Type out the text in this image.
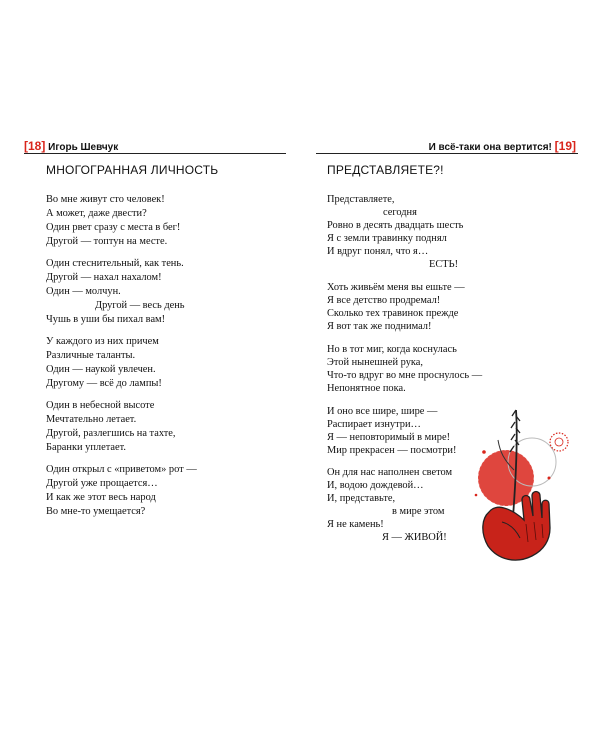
[18] Игорь Шевчук	И всё-таки она вертится! [19]
МНОГОГРАННАЯ ЛИЧНОСТЬ	ПРЕДСТАВЛЯЕТЕ?!
Во мне живут сто человек!
А может, даже двести?
Один рвет сразу с места в бег!
Другой — топтун на месте.
Один стеснительный, как тень.
Другой — нахал нахалом!
Один — молчун.
Другой — весь день
Чушь в уши бы пихал вам!
У каждого из них причем
Различные таланты.
Один — наукой увлечен.
Другому — всё до лампы!
Один в небесной высоте
Мечтательно летает.
Другой, разлегшись на тахте,
Баранки уплетает.
Один открыл с «приветом» рот —
Другой уже прощается…
И как же этот весь народ
Во мне-то умещается?
Представляете,
сегодня
Ровно в десять двадцать шесть
Я с земли травинку поднял
И вдруг понял, что я…
ЕСТЬ!
Хоть живьём меня вы ешьте —
Я все детство продремал!
Сколько тех травинок прежде
Я вот так же поднимал!
Но в тот миг, когда коснулась
Этой нынешней рука,
Что-то вдруг во мне проснулось —
Непонятное пока.
И оно все шире, шире —
Распирает изнутри…
Я — неповторимый в мире!
Мир прекрасен — посмотри!
Он для нас наполнен светом
И, водою дождевой…
И, представьте,
в мире этом
Я не камень!
Я — ЖИВОЙ!
